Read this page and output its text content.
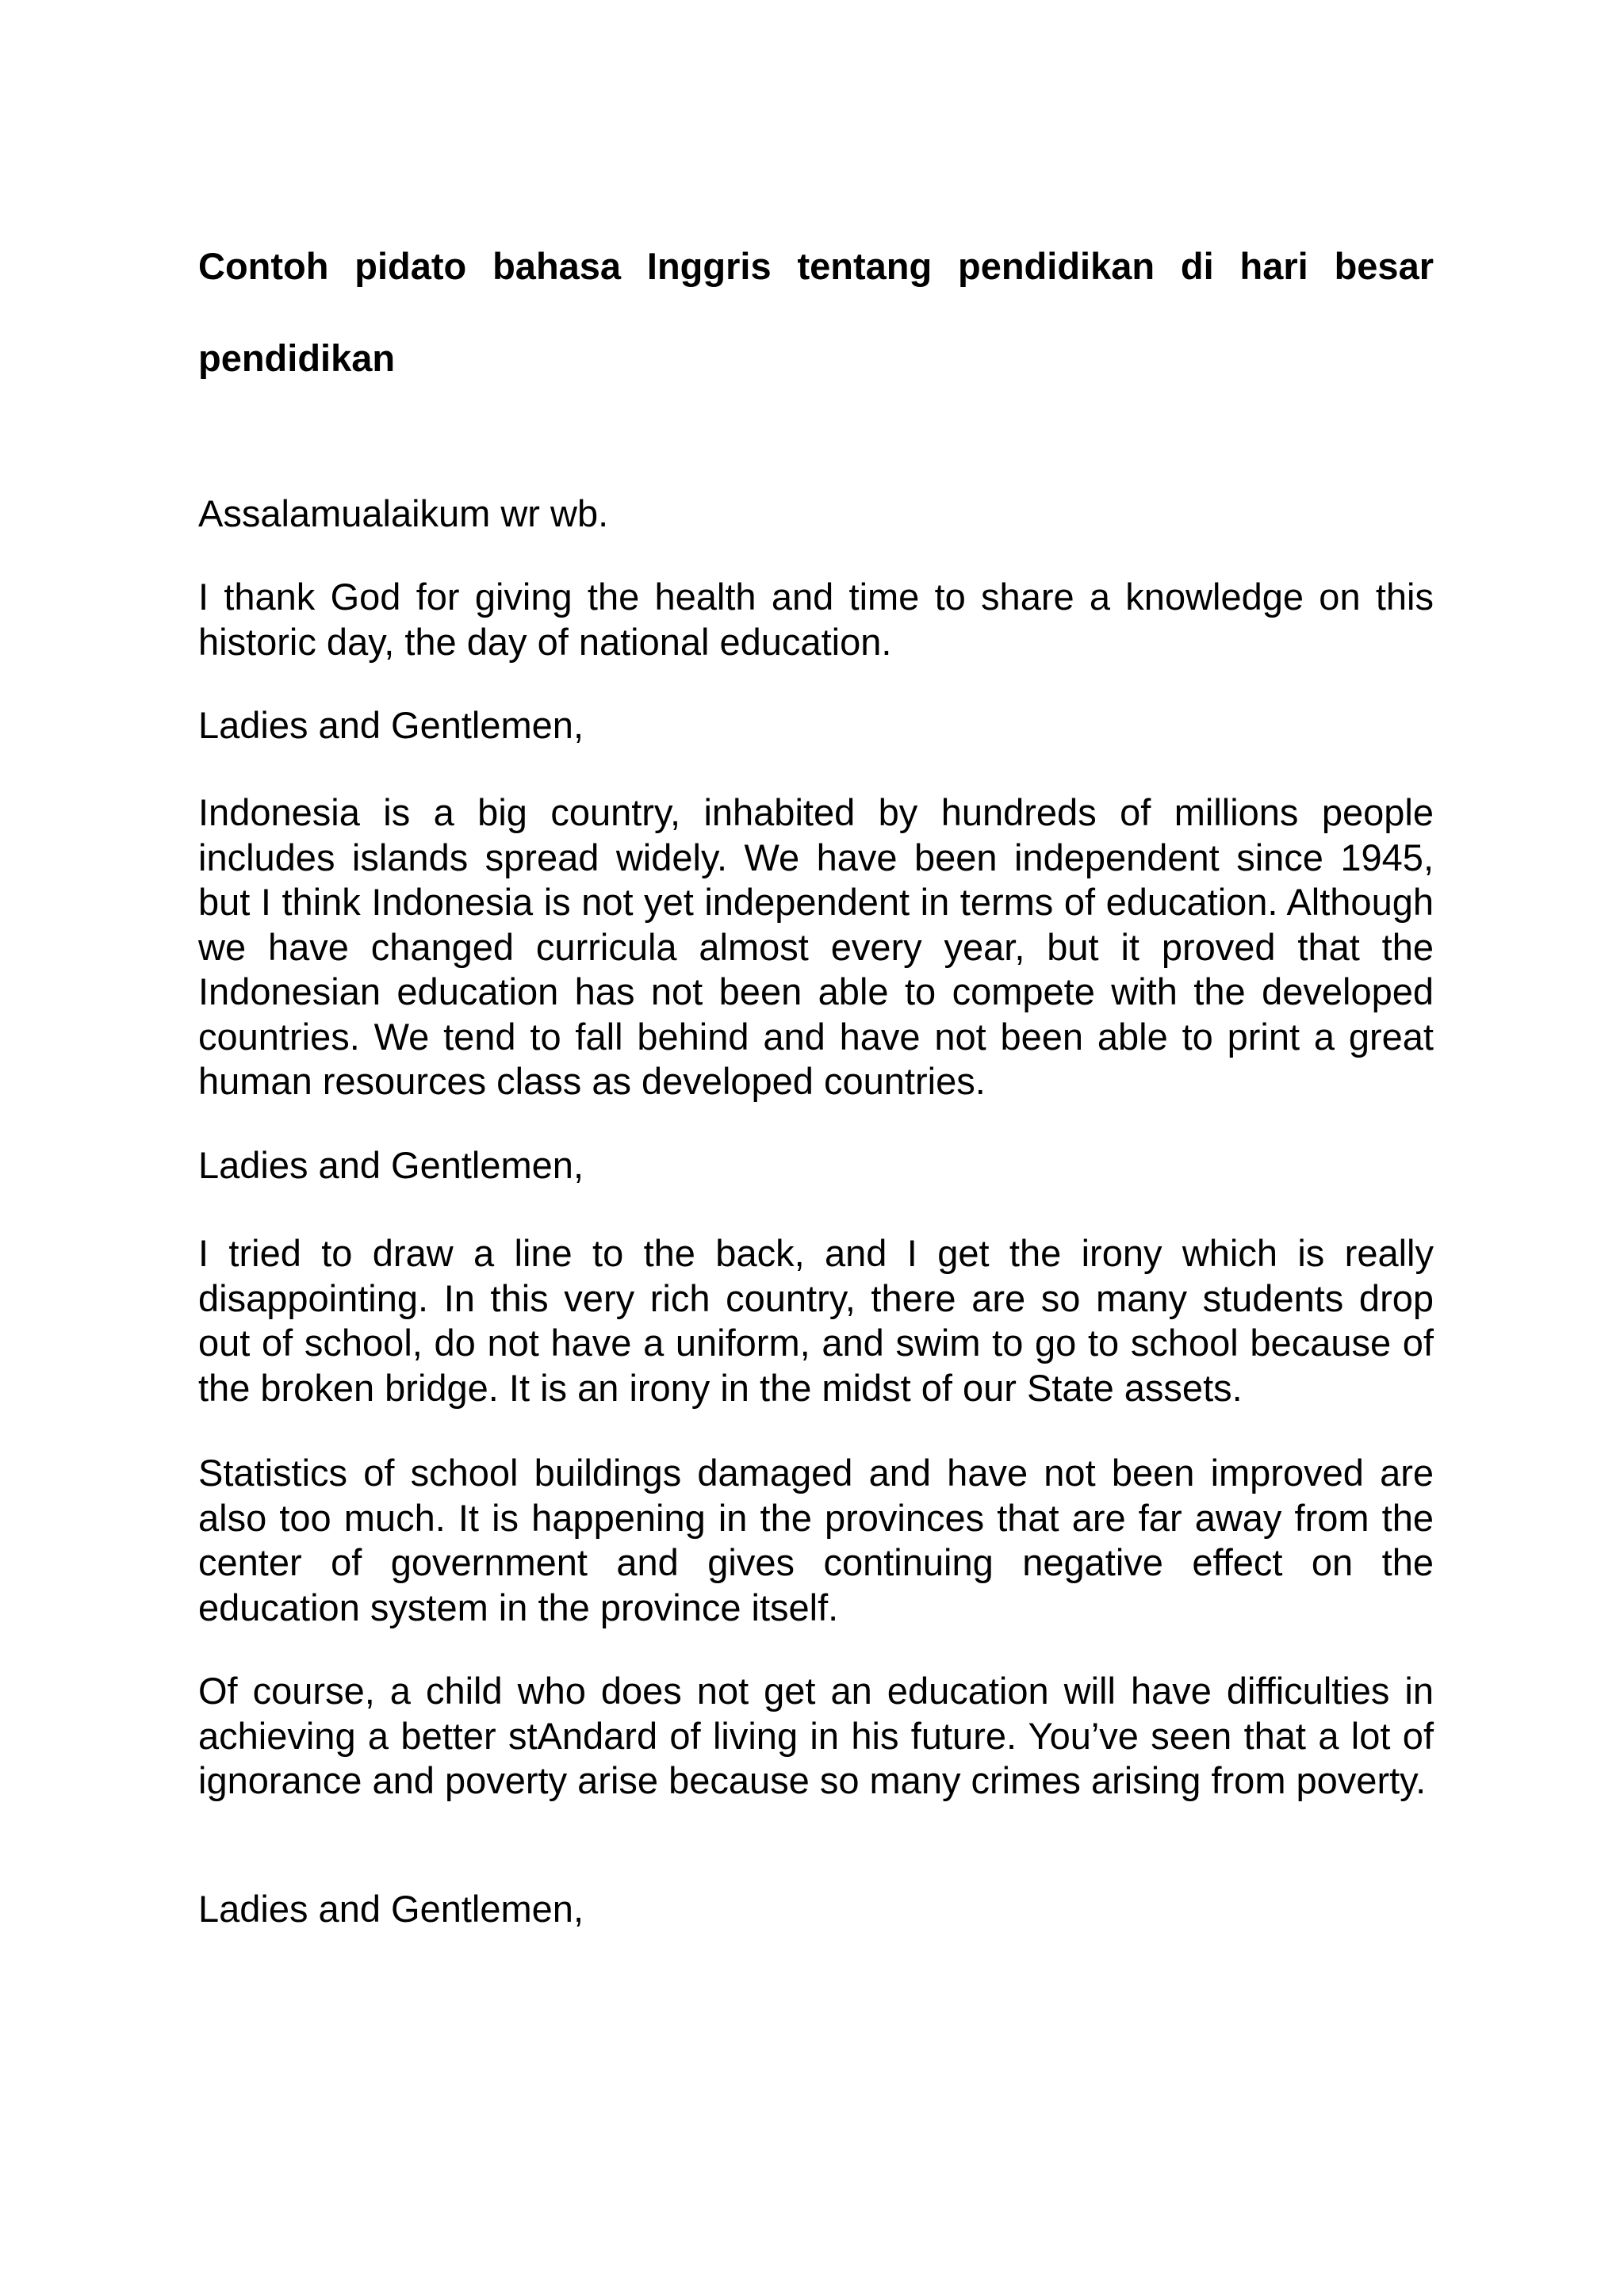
Contoh pidato bahasa Inggris tentang pendidikan di hari besar
pendidikan

Assalamualaikum wr wb.

I thank God for giving the health and time to share a knowledge on this historic day, the day of national education.

Ladies and Gentlemen,

Indonesia is a big country, inhabited by hundreds of millions people includes islands spread widely. We have been independent since 1945, but I think Indonesia is not yet independent in terms of education. Although we have changed curricula almost every year, but it proved that the Indonesian education has not been able to compete with the developed countries. We tend to fall behind and have not been able to print a great human resources class as developed countries.

Ladies and Gentlemen,

I tried to draw a line to the back, and I get the irony which is really disappointing. In this very rich country, there are so many students drop out of school, do not have a uniform, and swim to go to school because of the broken bridge. It is an irony in the midst of our State assets.

Statistics of school buildings damaged and have not been improved are also too much. It is happening in the provinces that are far away from the center of government and gives continuing negative effect on the education system in the province itself.

Of course, a child who does not get an education will have difficulties in achieving a better stAndard of living in his future. You’ve seen that a lot of ignorance and poverty arise because so many crimes arising from poverty.

Ladies and Gentlemen,
